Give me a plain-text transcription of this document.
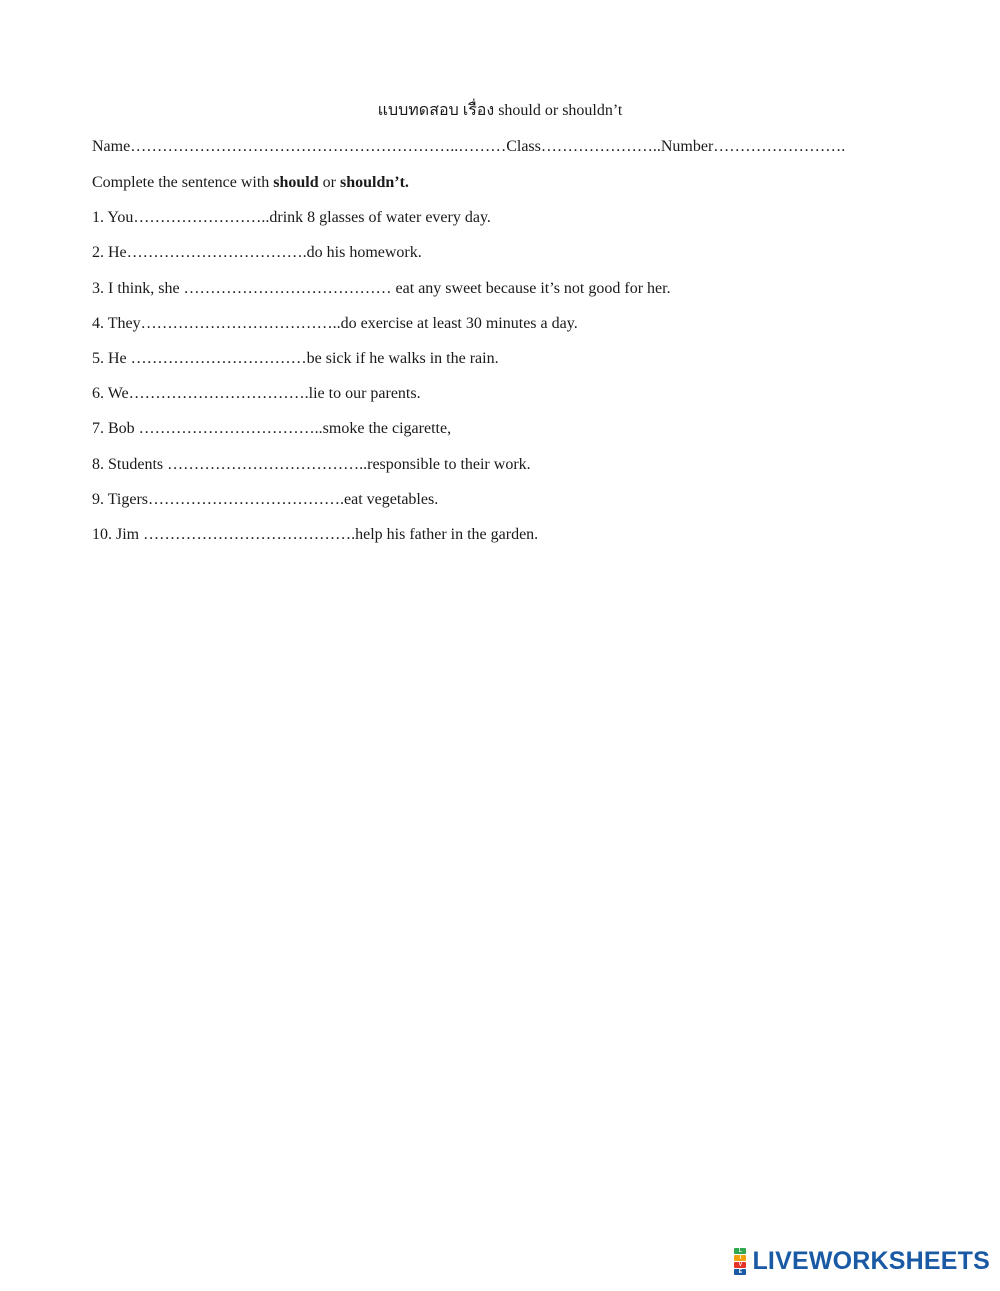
แบบทดสอบ เรื่อง should or shouldn’t
Name……………………………………………………..………Class…………………..Number…………………….
Complete the sentence with should or shouldn’t.
1. You……………………..drink 8 glasses of water every day.
2. He…………………………….do his homework.
3. I think, she ………………………………… eat any sweet because it’s not good for her.
4. They………………………………..do exercise at least 30 minutes a day.
5. He ……………………………be sick if he walks in the rain.
6. We…………………………….lie to our parents.
7. Bob ……………………………..smoke the cigarette,
8. Students ………………………………..responsible to their work.
9. Tigers……………………………….eat vegetables.
10. Jim ………………………………….help his father in the garden.
L
I
V
E LIVEWORKSHEETS
